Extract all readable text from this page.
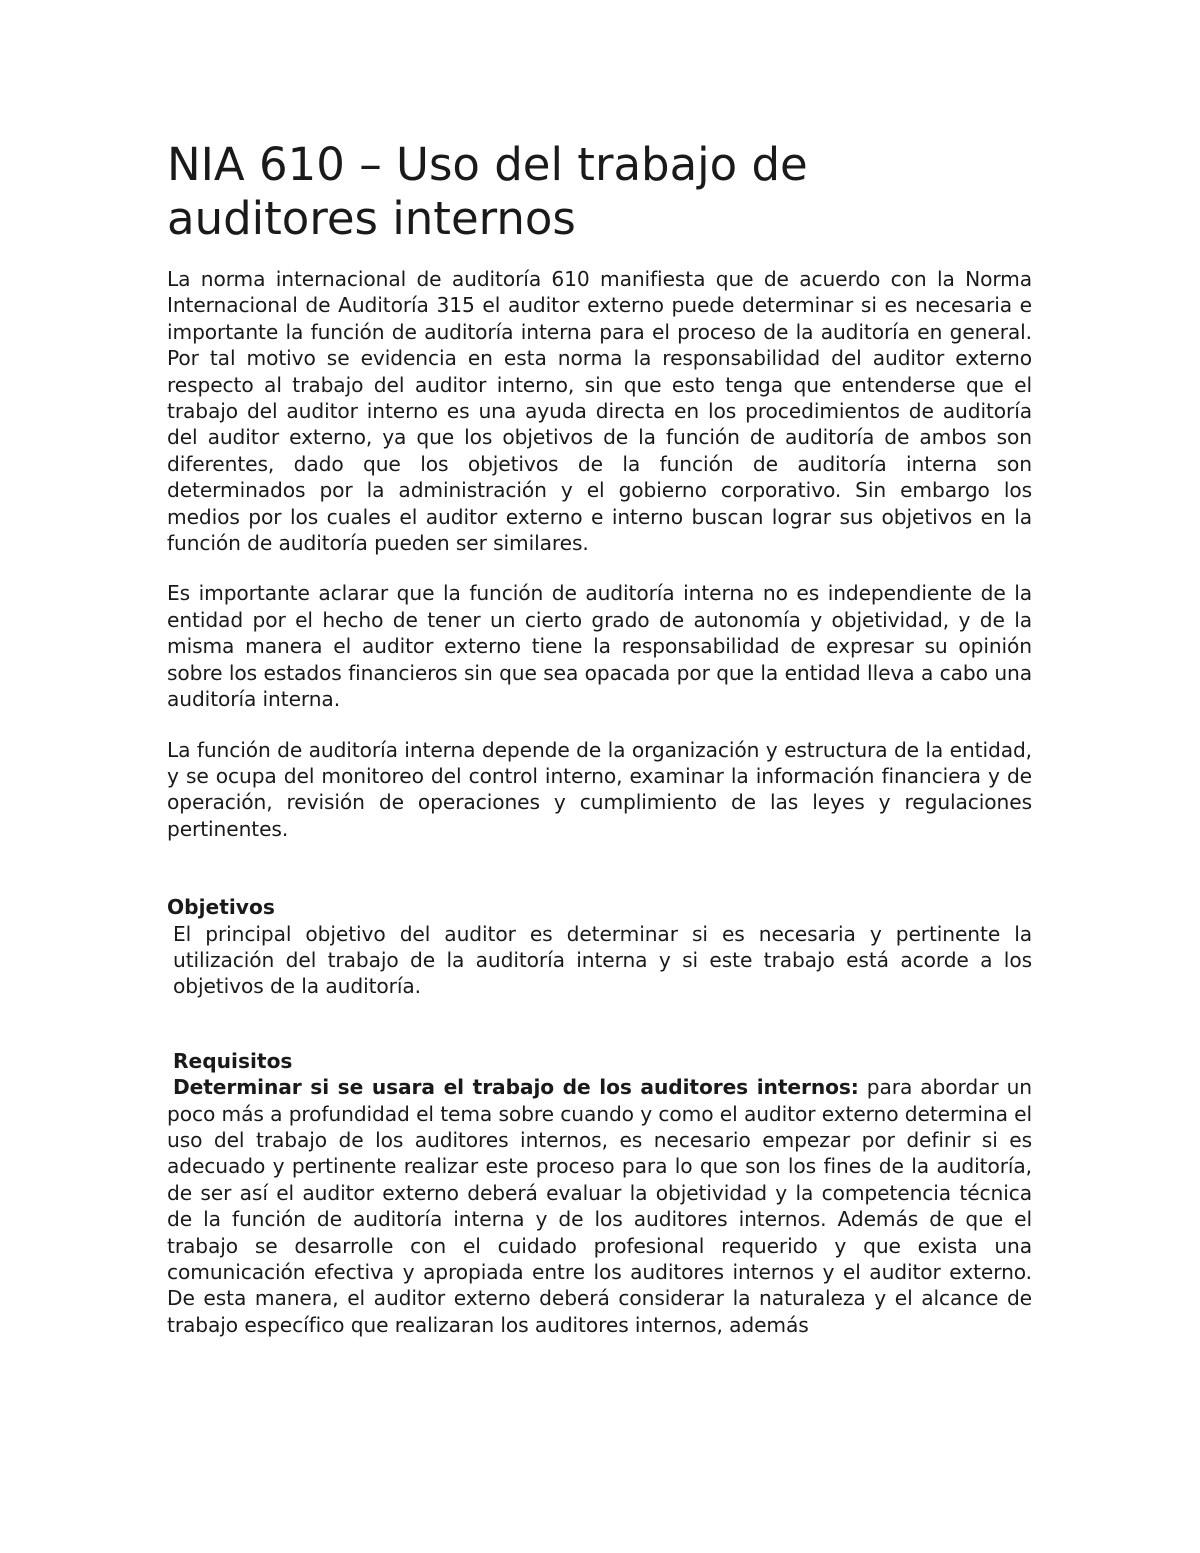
NIA 610 – Uso del trabajo de auditores internos

La norma internacional de auditoría 610 manifiesta que de acuerdo con la Norma Internacional de Auditoría 315 el auditor externo puede determinar si es necesaria e importante la función de auditoría interna para el proceso de la auditoría en general. Por tal motivo se evidencia en esta norma la responsabilidad del auditor externo respecto al trabajo del auditor interno, sin que esto tenga que entenderse que el trabajo del auditor interno es una ayuda directa en los procedimientos de auditoría del auditor externo, ya que los objetivos de la función de auditoría de ambos son diferentes, dado que los objetivos de la función de auditoría interna son determinados por la administración y el gobierno corporativo. Sin embargo los medios por los cuales el auditor externo e interno buscan lograr sus objetivos en la función de auditoría pueden ser similares.

Es importante aclarar que la función de auditoría interna no es independiente de la entidad por el hecho de tener un cierto grado de autonomía y objetividad, y de la misma manera el auditor externo tiene la responsabilidad de expresar su opinión sobre los estados financieros sin que sea opacada por que la entidad lleva a cabo una auditoría interna.

La función de auditoría interna depende de la organización y estructura de la entidad, y se ocupa del monitoreo del control interno, examinar la información financiera y de operación, revisión de operaciones y cumplimiento de las leyes y regulaciones pertinentes.

Objetivos
El principal objetivo del auditor es determinar si es necesaria y pertinente la utilización del trabajo de la auditoría interna y si este trabajo está acorde a los objetivos de la auditoría.
Requisitos
Determinar si se usara el trabajo de los auditores internos: para abordar un poco más a profundidad el tema sobre cuando y como el auditor externo determina el uso del trabajo de los auditores internos, es necesario empezar por definir si es adecuado y pertinente realizar este proceso para lo que son los fines de la auditoría, de ser así el auditor externo deberá evaluar la objetividad y la competencia técnica de la función de auditoría interna y de los auditores internos. Además de que el trabajo se desarrolle con el cuidado profesional requerido y que exista una comunicación efectiva y apropiada entre los auditores internos y el auditor externo. De esta manera, el auditor externo deberá considerar la naturaleza y el alcance de trabajo específico que realizaran los auditores internos, además
